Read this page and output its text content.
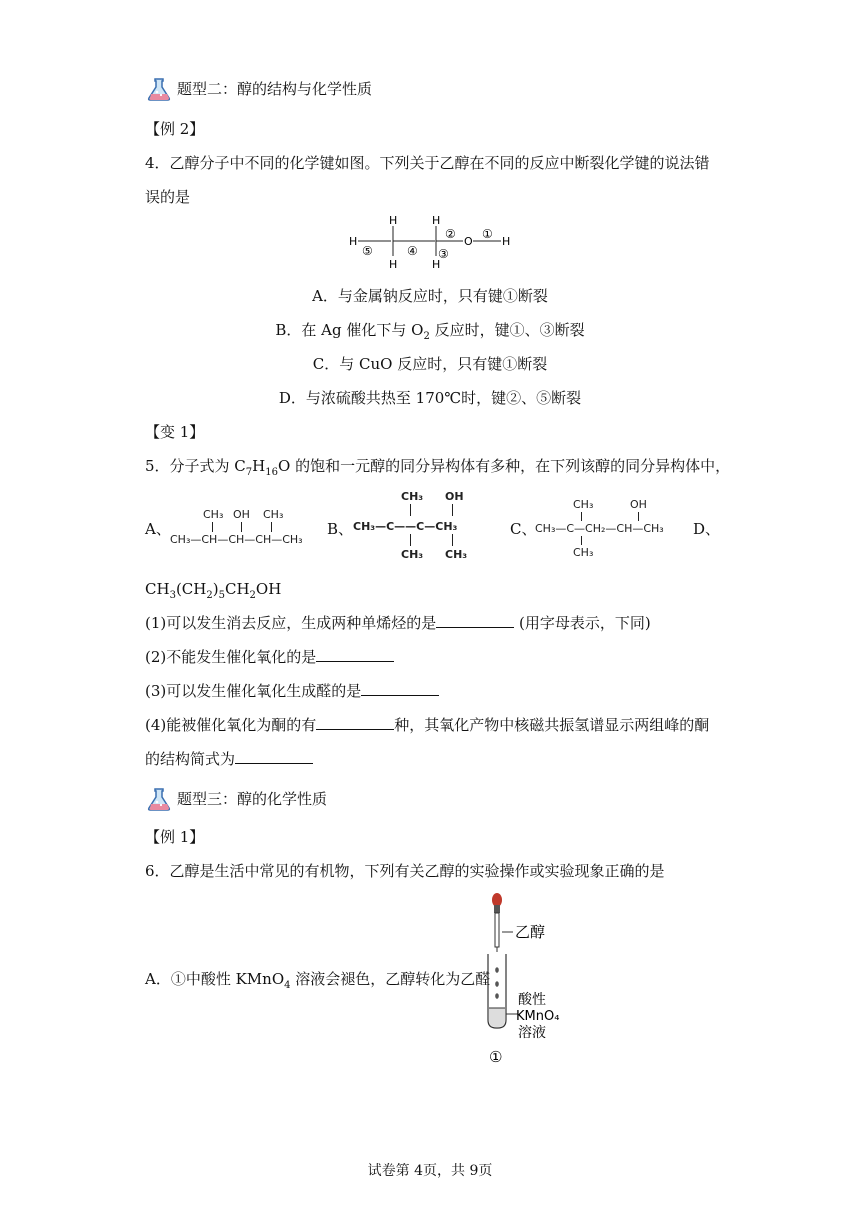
题型二：醇的结构与化学性质
【例 2】
4．乙醇分子中不同的化学键如图。下列关于乙醇在不同的反应中断裂化学键的说法错
误的是
H
H
H
H
H
O	H
⑤	④
② ①
③
A．与金属钠反应时，只有键①断裂
B．在 Ag 催化下与 $O_2$ 反应时，键①、③断裂
C．与 CuO 反应时，只有键①断裂
D．与浓硫酸共热至 170℃时，键②、⑤断裂
【变 1】
5．分子式为 $C_7H_{16}O$ 的饱和一元醇的同分异构体有多种，在下列该醇的同分异构体中，
A、
CH₃ OH CH₃
CH₃—CH—CH—CH—CH₃
B、
CH₃ OH
CH₃—C——C—CH₃
CH₃ CH₃
C、
CH₃	OH
CH₃—C—CH₂—CH—CH₃
CH₃
D、
$CH_3(CH_2)_5CH_2OH$
(1)可以发生消去反应，生成两种单烯烃的是	(用字母表示，下同)
(2)不能发生催化氧化的是
(3)可以发生催化氧化生成醛的是
(4)能被催化氧化为酮的有	种，其氧化产物中核磁共振氢谱显示两组峰的酮
的结构简式为
题型三：醇的化学性质
【例 1】
6．乙醇是生活中常见的有机物，下列有关乙醇的实验操作或实验现象正确的是
A．①中酸性 KMnO$_4$ 溶液会褪色，乙醇转化为乙醛
乙醇
酸性
KMnO₄
溶液
①
试卷第 4页，共 9页
